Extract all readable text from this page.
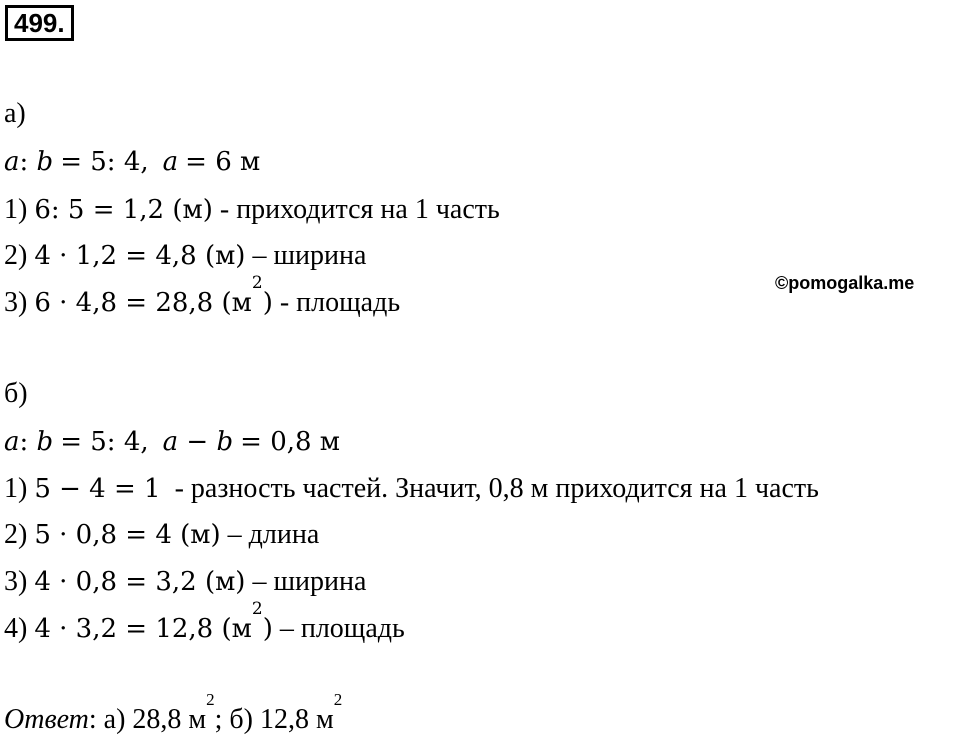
499.
а)
a: b = 5: 4, a = 6 м
1) 6: 5 = 1,2 (м) - приходится на 1 часть
2) 4 · 1,2 = 4,8 (м) – ширина
3) 6 · 4,8 = 28,8 $(м^2)$ - площадь
©pomogalka.me
б)
a: b = 5: 4, a − b = 0,8 м
1) 5 − 4 = 1 - разность частей. Значит, 0,8 м приходится на 1 часть
2) 5 · 0,8 = 4 (м) – длина
3) 4 · 0,8 = 3,2 (м) – ширина
4) 4 · 3,2 = 12,8 $(м^2)$ – площадь
Ответ: а) 28,8 $м^2$; б) 12,8 $м^2$
